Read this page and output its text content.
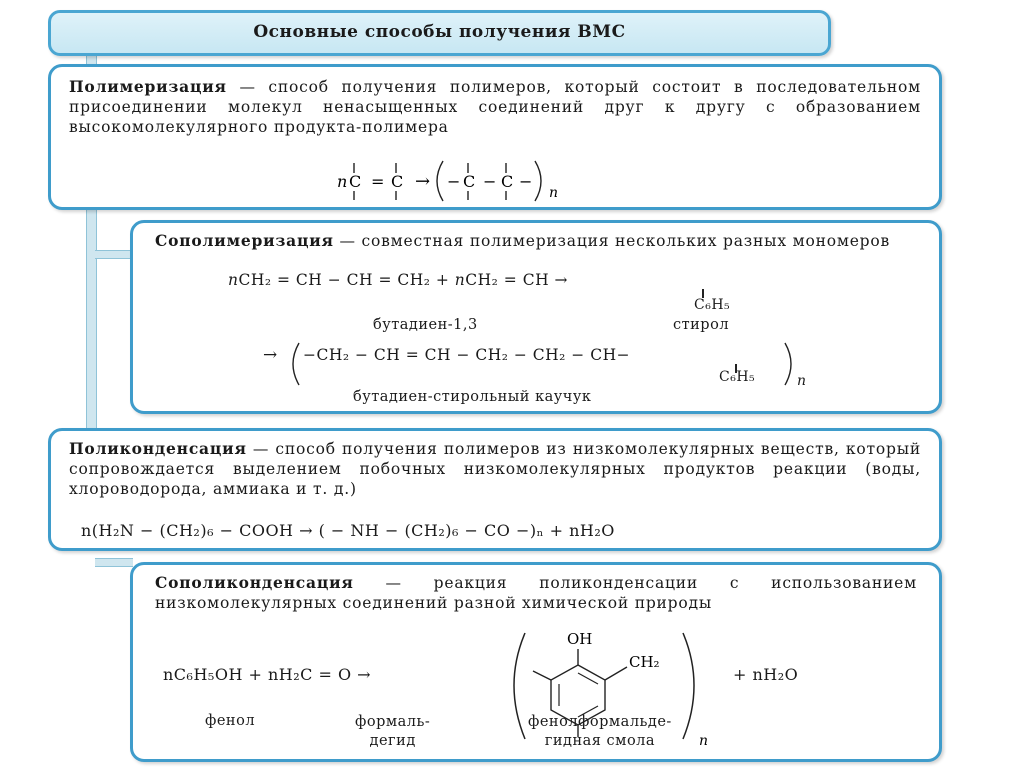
Основные способы получения ВМС
Полимеризация — способ получения полимеров, который состоит в последовательном присоединении молекул ненасыщенных соединений друг к другу с образованием высокомолекулярного продукта-полимера
n C = C → − C − C −
n
Сополимеризация — совместная полимеризация нескольких разных мономеров
nCH₂ = CH − CH = CH₂ + nCH₂ = CH →
C₆H₅
бутадиен-1,3	стирол
→ −CH₂ − CH = CH − CH₂ − CH₂ − CH−
C₆H₅	n
бутадиен-стирольный каучук
Поликонденсация — способ получения полимеров из низкомолекулярных веществ, который сопровождается выделением побочных низкомолекулярных продуктов реакции (воды, хлороводорода, аммиака и т. д.)
n(H₂N − (CH₂)₆ − COOH → ( − NH − (CH₂)₆ − CO −)ₙ + nH₂O
Сополиконденсация — реакция поликонденсации с использованием низкомолекулярных соединений разной химической природы
nC₆H₅OH + nH₂C = O →
OH
CH₂
n
+ nH₂O
фенол	формаль-
дегид
фенолформальде-
гидная смола
